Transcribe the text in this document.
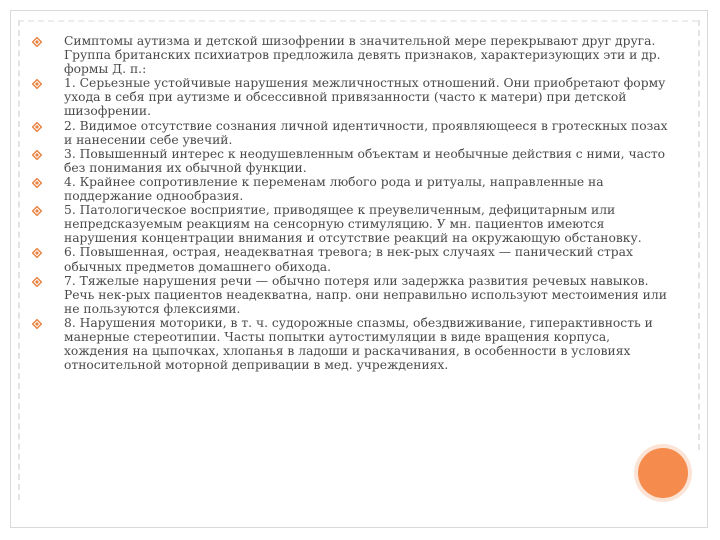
Симптомы аутизма и детской шизофрении в значительной мере перекрывают друг друга. Группа британских психиатров предложила девять признаков, характеризующих эти и др. формы Д. п.:
1. Серьезные устойчивые нарушения межличностных отношений. Они приобретают форму ухода в себя при аутизме и обсессивной привязанности (часто к матери) при детской шизофрении.
2. Видимое отсутствие сознания личной идентичности, проявляющееся в гротескных позах и нанесении себе увечий.
3. Повышенный интерес к неодушевленным объектам и необычные действия с ними, часто без понимания их обычной функции.
4. Крайнее сопротивление к переменам любого рода и ритуалы, направленные на поддержание однообразия.
5. Патологическое восприятие, приводящее к преувеличенным, дефицитарным или непредсказуемым реакциям на сенсорную стимуляцию. У мн. пациентов имеются нарушения концентрации внимания и отсутствие реакций на окружающую обстановку.
6. Повышенная, острая, неадекватная тревога; в нек-рых случаях — панический страх обычных предметов домашнего обихода.
7. Тяжелые нарушения речи — обычно потеря или задержка развития речевых навыков. Речь нек-рых пациентов неадекватна, напр. они неправильно используют местоимения или не пользуются флексиями.
8. Нарушения моторики, в т. ч. судорожные спазмы, обездвиживание, гиперактивность и манерные стереотипии. Часты попытки аутостимуляции в виде вращения корпуса, хождения на цыпочках, хлопанья в ладоши и раскачивания, в особенности в условиях относительной моторной депривации в мед. учреждениях.
